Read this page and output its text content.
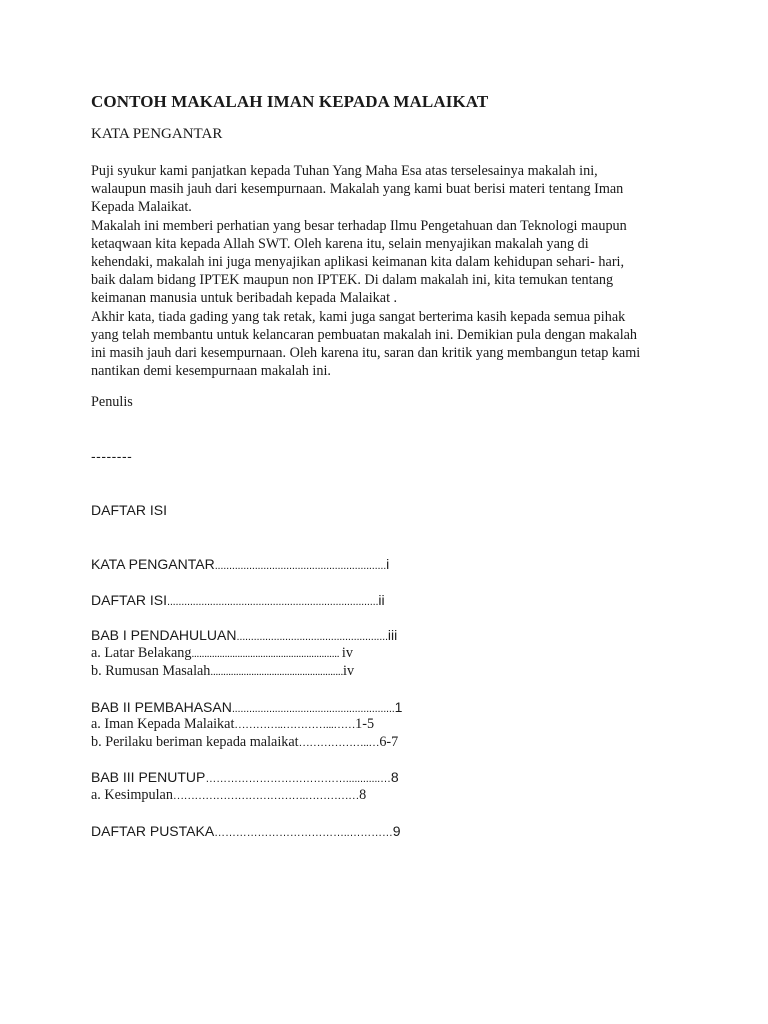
CONTOH MAKALAH IMAN KEPADA MALAIKAT
KATA PENGANTAR
Puji syukur kami panjatkan kepada Tuhan Yang Maha Esa atas terselesainya makalah ini,
walaupun masih jauh dari kesempurnaan. Makalah yang kami buat berisi materi tentang Iman
Kepada Malaikat.
Makalah ini memberi perhatian yang besar terhadap Ilmu Pengetahuan dan Teknologi maupun
ketaqwaan kita kepada Allah SWT. Oleh karena itu, selain menyajikan makalah yang di
kehendaki, makalah ini juga menyajikan aplikasi keimanan kita dalam kehidupan sehari- hari,
baik dalam bidang IPTEK maupun non IPTEK. Di dalam makalah ini, kita temukan tentang
keimanan manusia untuk beribadah kepada Malaikat .
Akhir kata, tiada gading yang tak retak, kami juga sangat berterima kasih kepada semua pihak
yang telah membantu untuk kelancaran pembuatan makalah ini. Demikian pula dengan makalah
ini masih jauh dari kesempurnaan. Oleh karena itu, saran dan kritik yang membangun tetap kami
nantikan demi kesempurnaan makalah ini.
Penulis
--------
DAFTAR ISI
KATA PENGANTAR............................................................i
DAFTAR ISI..........................................................................ii
BAB I PENDAHULUAN.....................................................iii
a. Latar Belakang.......................................................... iv
b. Rumusan Masalah....................................................iv
BAB II PEMBAHASAN.........................................................1
a. Iman Kepada Malaikat…………..…………...……1-5
b. Perilaku beriman kepada malaikat………………..…6-7
BAB III PENUTUP…………………………………............…8
a. Kesimpulan……………………………….……………8
DAFTAR PUSTAKA………………………………..…………9
